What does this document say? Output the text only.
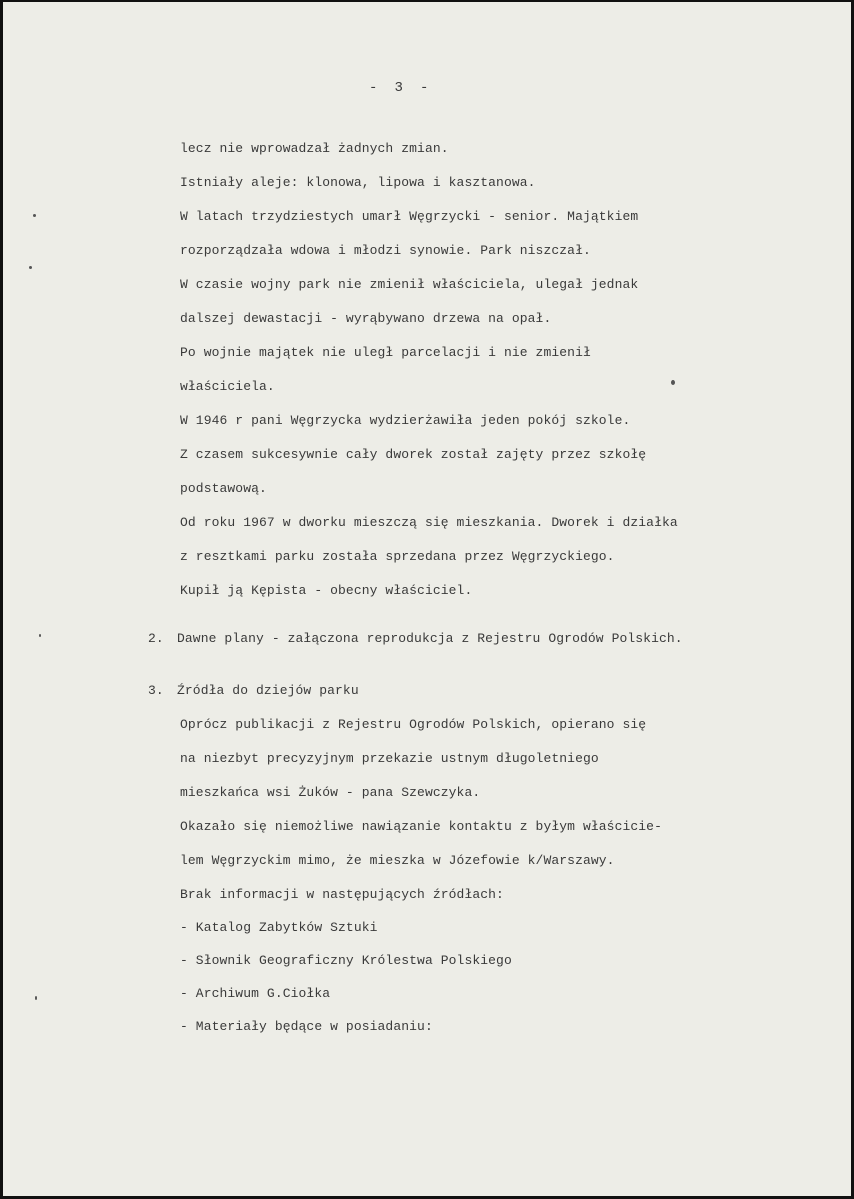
-  3  -
lecz nie wprowadzał żadnych zmian.
Istniały aleje: klonowa, lipowa i kasztanowa.
W latach trzydziestych umarł Węgrzycki - senior. Majątkiem
rozporządzała wdowa i młodzi synowie. Park niszczał.
W czasie wojny park nie zmienił właściciela, ulegał jednak
dalszej dewastacji - wyrąbywano drzewa na opał.
Po wojnie majątek nie uległ parcelacji i nie zmienił
właściciela.
W 1946 r pani Węgrzycka wydzierżawiła jeden pokój szkole.
Z czasem sukcesywnie cały dworek został zajęty przez szkołę
podstawową.
Od roku 1967 w dworku mieszczą się mieszkania. Dworek i działka
z resztkami parku została sprzedana przez Węgrzyckiego.
Kupił ją Kępista - obecny właściciel.
2. Dawne plany - załączona reprodukcja z Rejestru Ogrodów Polskich.
3. Źródła do dziejów parku
Oprócz publikacji z Rejestru Ogrodów Polskich, opierano się
na niezbyt precyzyjnym przekazie ustnym długoletniego
mieszkańca wsi Żuków - pana Szewczyka.
Okazało się niemożliwe nawiązanie kontaktu z byłym właścicie-
lem Węgrzyckim mimo, że mieszka w Józefowie k/Warszawy.
Brak informacji w następujących źródłach:
- Katalog Zabytków Sztuki
- Słownik Geograficzny Królestwa Polskiego
- Archiwum G.Ciołka
- Materiały będące w posiadaniu:
